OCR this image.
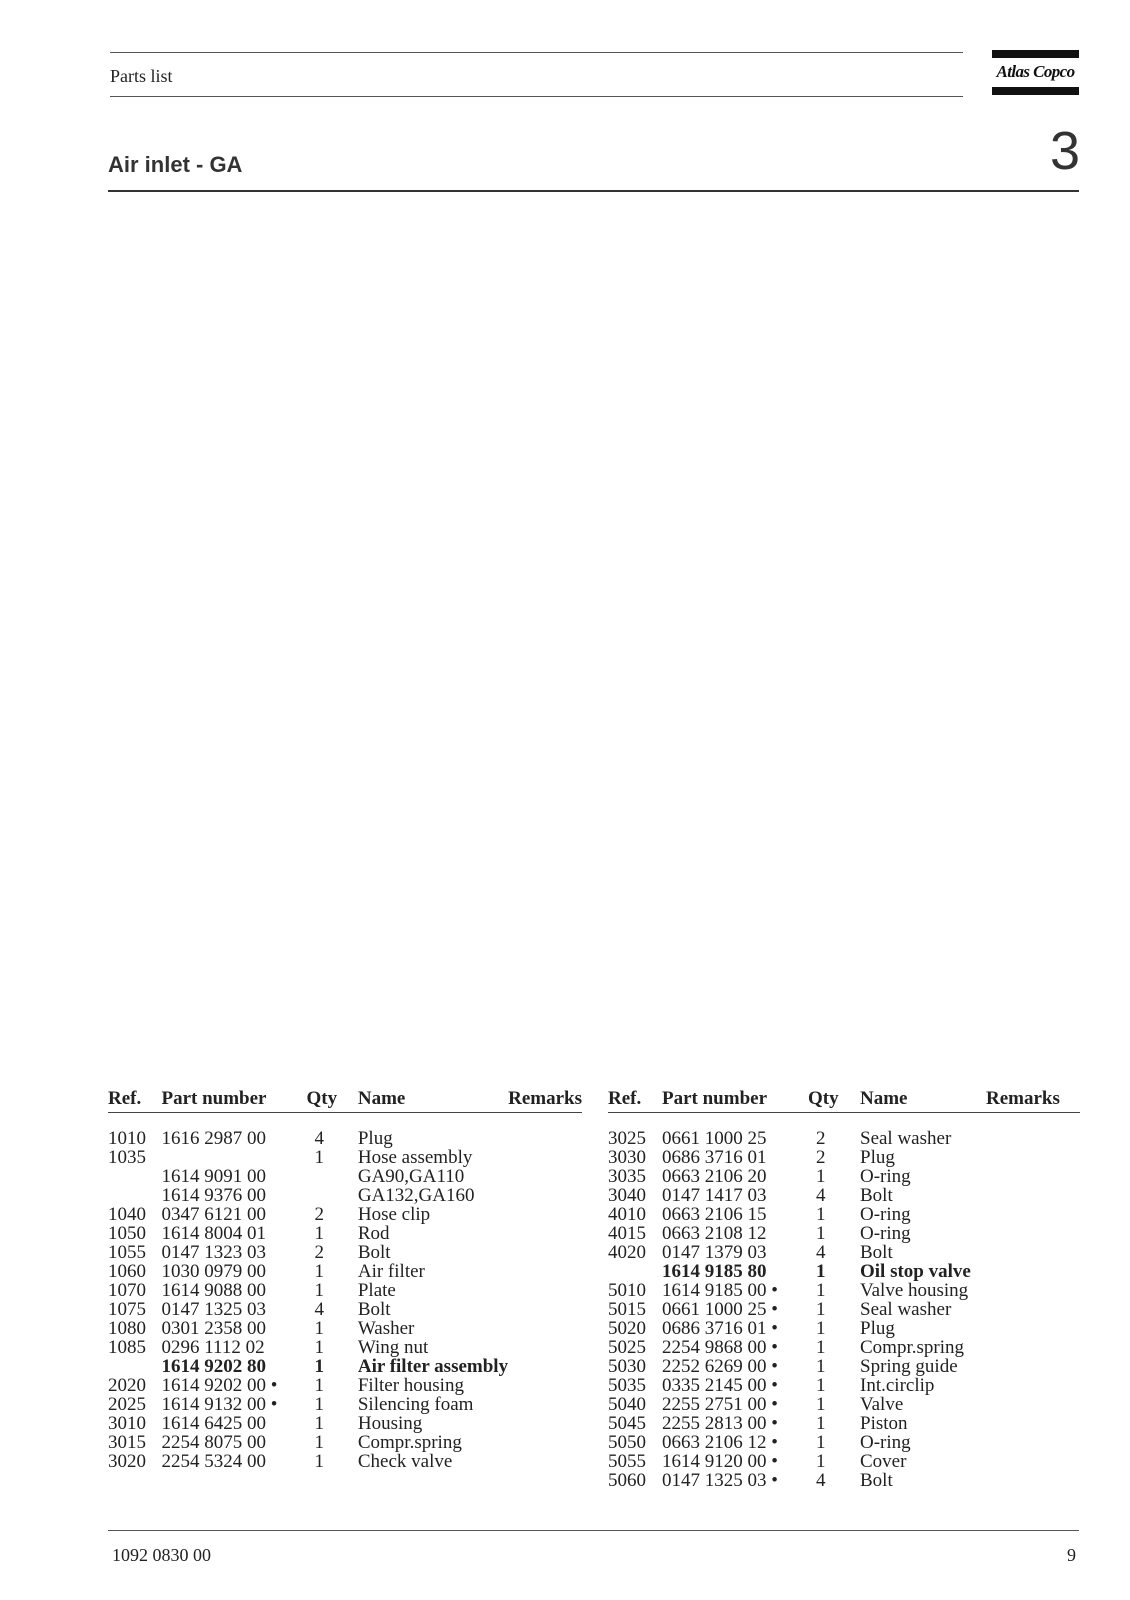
Parts list	Atlas Copco
Air inlet - GA	3
Ref.	Part number	Qty	Name	Remarks

1010	1616 2987 00	4	Plug	
1035		1	Hose assembly	
	1614 9091 00		GA90,GA110	
	1614 9376 00		GA132,GA160	
1040	0347 6121 00	2	Hose clip	
1050	1614 8004 01	1	Rod	
1055	0147 1323 03	2	Bolt	
1060	1030 0979 00	1	Air filter	
1070	1614 9088 00	1	Plate	
1075	0147 1325 03	4	Bolt	
1080	0301 2358 00	1	Washer	
1085	0296 1112 02	1	Wing nut	
	1614 9202 80	1	Air filter assembly	
2020	1614 9202 00 •	1	Filter housing	
2025	1614 9132 00 •	1	Silencing foam	
3010	1614 6425 00	1	Housing	
3015	2254 8075 00	1	Compr.spring	
3020	2254 5324 00	1	Check valve	
Ref.	Part number	Qty	Name	Remarks

3025	0661 1000 25	2	Seal washer	
3030	0686 3716 01	2	Plug	
3035	0663 2106 20	1	O-ring	
3040	0147 1417 03	4	Bolt	
4010	0663 2106 15	1	O-ring	
4015	0663 2108 12	1	O-ring	
4020	0147 1379 03	4	Bolt	
	1614 9185 80	1	Oil stop valve	
5010	1614 9185 00 •	1	Valve housing	
5015	0661 1000 25 •	1	Seal washer	
5020	0686 3716 01 •	1	Plug	
5025	2254 9868 00 •	1	Compr.spring	
5030	2252 6269 00 •	1	Spring guide	
5035	0335 2145 00 •	1	Int.circlip	
5040	2255 2751 00 •	1	Valve	
5045	2255 2813 00 •	1	Piston	
5050	0663 2106 12 •	1	O-ring	
5055	1614 9120 00 •	1	Cover	
5060	0147 1325 03 •	4	Bolt	
1092 0830 00	9
